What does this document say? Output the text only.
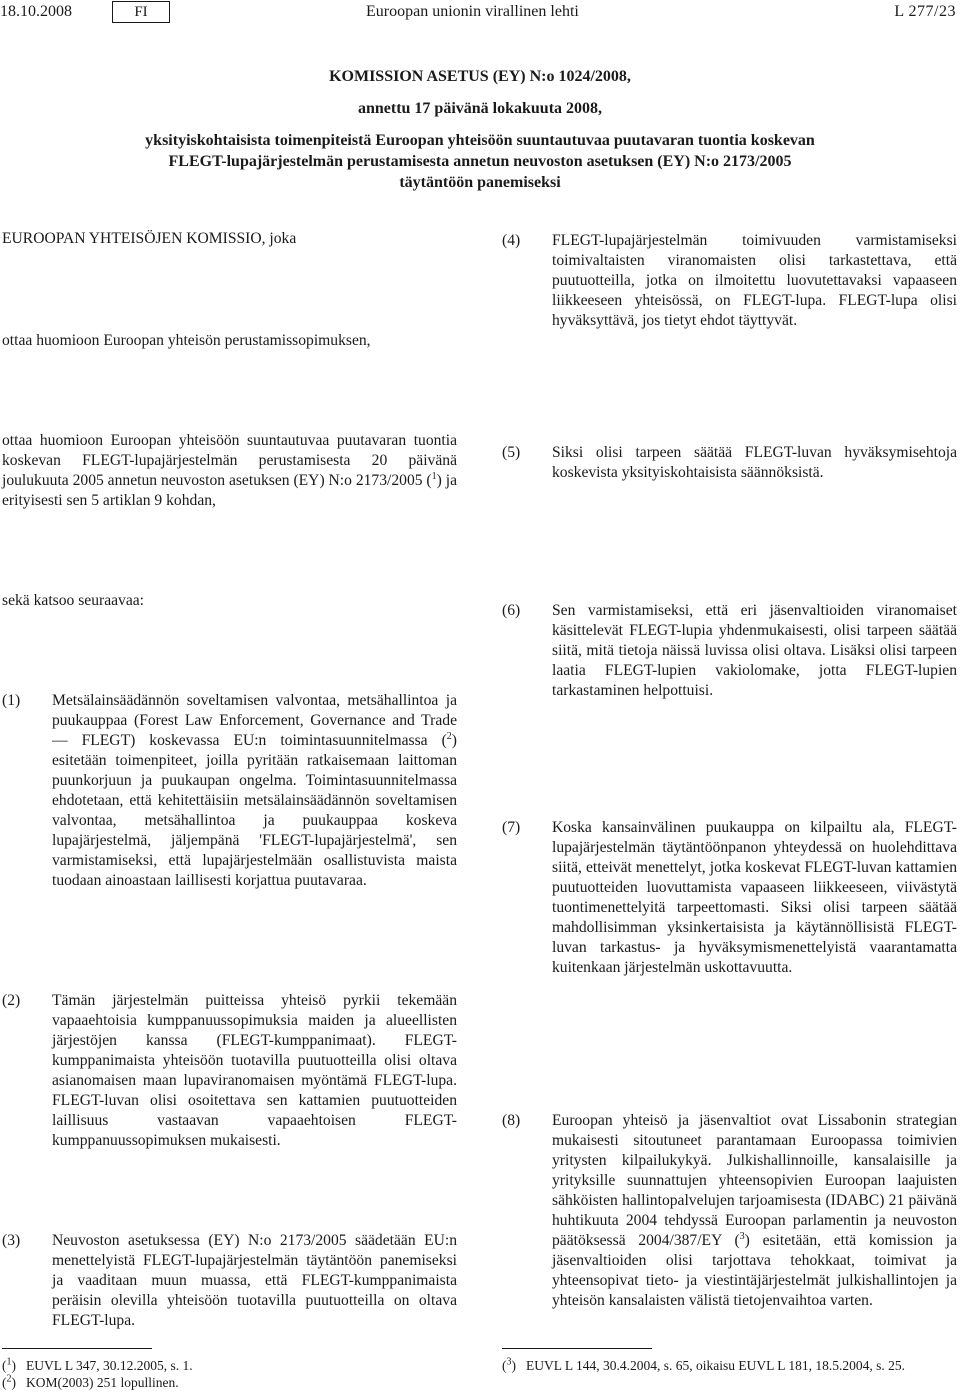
18.10.2008	FI	Euroopan unionin virallinen lehti	L 277/23
KOMISSION ASETUS (EY) N:o 1024/2008,
annettu 17 päivänä lokakuuta 2008,
yksityiskohtaisista toimenpiteistä Euroopan yhteisöön suuntautuvaa puutavaran tuontia koskevan
FLEGT-lupajärjestelmän perustamisesta annetun neuvoston asetuksen (EY) N:o 2173/2005
täytäntöön panemiseksi

EUROOPAN YHTEISÖJEN KOMISSIO, joka

ottaa huomioon Euroopan yhteisön perustamissopimuksen,

ottaa huomioon Euroopan yhteisöön suuntautuvaa puutavaran tuontia koskevan FLEGT-lupajärjestelmän perustamisesta 20 päivänä joulukuuta 2005 annetun neuvoston asetuksen (EY) N:o 2173/2005 ($^1$) ja erityisesti sen 5 artiklan 9 kohdan,

sekä katsoo seuraavaa:

(1) Metsälainsäädännön soveltamisen valvontaa, metsähallintoa ja puukauppaa (Forest Law Enforcement, Governance and Trade — FLEGT) koskevassa EU:n toimintasuunnitelmassa ($^2$) esitetään toimenpiteet, joilla pyritään ratkaisemaan laittoman puunkorjuun ja puukaupan ongelma. Toimintasuunnitelmassa ehdotetaan, että kehitettäisiin metsälainsäädännön soveltamisen valvontaa, metsähallintoa ja puukauppaa koskeva lupajärjestelmä, jäljempänä 'FLEGT-lupajärjestelmä', sen varmistamiseksi, että lupajärjestelmään osallistuvista maista tuodaan ainoastaan laillisesti korjattua puutavaraa.
(2) Tämän järjestelmän puitteissa yhteisö pyrkii tekemään vapaaehtoisia kumppanuussopimuksia maiden ja alueellisten järjestöjen kanssa (FLEGT-kumppanimaat). FLEGT-kumppanimaista yhteisöön tuotavilla puutuotteilla olisi oltava asianomaisen maan lupaviranomaisen myöntämä FLEGT-lupa. FLEGT-luvan olisi osoitettava sen kattamien puutuotteiden laillisuus vastaavan vapaaehtoisen FLEGT-kumppanuussopimuksen mukaisesti.
(3) Neuvoston asetuksessa (EY) N:o 2173/2005 säädetään EU:n menettelyistä FLEGT-lupajärjestelmän täytäntöön panemiseksi ja vaaditaan muun muassa, että FLEGT-kumppanimaista peräisin olevilla yhteisöön tuotavilla puutuotteilla on oltava FLEGT-lupa.
(4) FLEGT-lupajärjestelmän toimivuuden varmistamiseksi toimivaltaisten viranomaisten olisi tarkastettava, että puutuotteilla, jotka on ilmoitettu luovutettavaksi vapaaseen liikkeeseen yhteisössä, on FLEGT-lupa. FLEGT-lupa olisi hyväksyttävä, jos tietyt ehdot täyttyvät.
(5) Siksi olisi tarpeen säätää FLEGT-luvan hyväksymisehtoja koskevista yksityiskohtaisista säännöksistä.
(6) Sen varmistamiseksi, että eri jäsenvaltioiden viranomaiset käsittelevät FLEGT-lupia yhdenmukaisesti, olisi tarpeen säätää siitä, mitä tietoja näissä luvissa olisi oltava. Lisäksi olisi tarpeen laatia FLEGT-lupien vakiolomake, jotta FLEGT-lupien tarkastaminen helpottuisi.
(7) Koska kansainvälinen puukauppa on kilpailtu ala, FLEGT-lupajärjestelmän täytäntöönpanon yhteydessä on huolehdittava siitä, etteivät menettelyt, jotka koskevat FLEGT-luvan kattamien puutuotteiden luovuttamista vapaaseen liikkeeseen, viivästytä tuontimenettelyitä tarpeettomasti. Siksi olisi tarpeen säätää mahdollisimman yksinkertaisista ja käytännöllisistä FLEGT-luvan tarkastus- ja hyväksymismenettelyistä vaarantamatta kuitenkaan järjestelmän uskottavuutta.
(8) Euroopan yhteisö ja jäsenvaltiot ovat Lissabonin strategian mukaisesti sitoutuneet parantamaan Euroopassa toimivien yritysten kilpailukykyä. Julkishallinnoille, kansalaisille ja yrityksille suunnattujen yhteensopivien Euroopan laajuisten sähköisten hallintopalvelujen tarjoamisesta (IDABC) 21 päivänä huhtikuuta 2004 tehdyssä Euroopan parlamentin ja neuvoston päätöksessä 2004/387/EY ($^3$) esitetään, että komission ja jäsenvaltioiden olisi tarjottava tehokkaat, toimivat ja yhteensopivat tieto- ja viestintäjärjestelmät julkishallintojen ja yhteisön kansalaisten välistä tietojenvaihtoa varten.
($^1$) EUVL L 347, 30.12.2005, s. 1.
($^2$) KOM(2003) 251 lopullinen.
($^3$) EUVL L 144, 30.4.2004, s. 65, oikaisu EUVL L 181, 18.5.2004, s. 25.
